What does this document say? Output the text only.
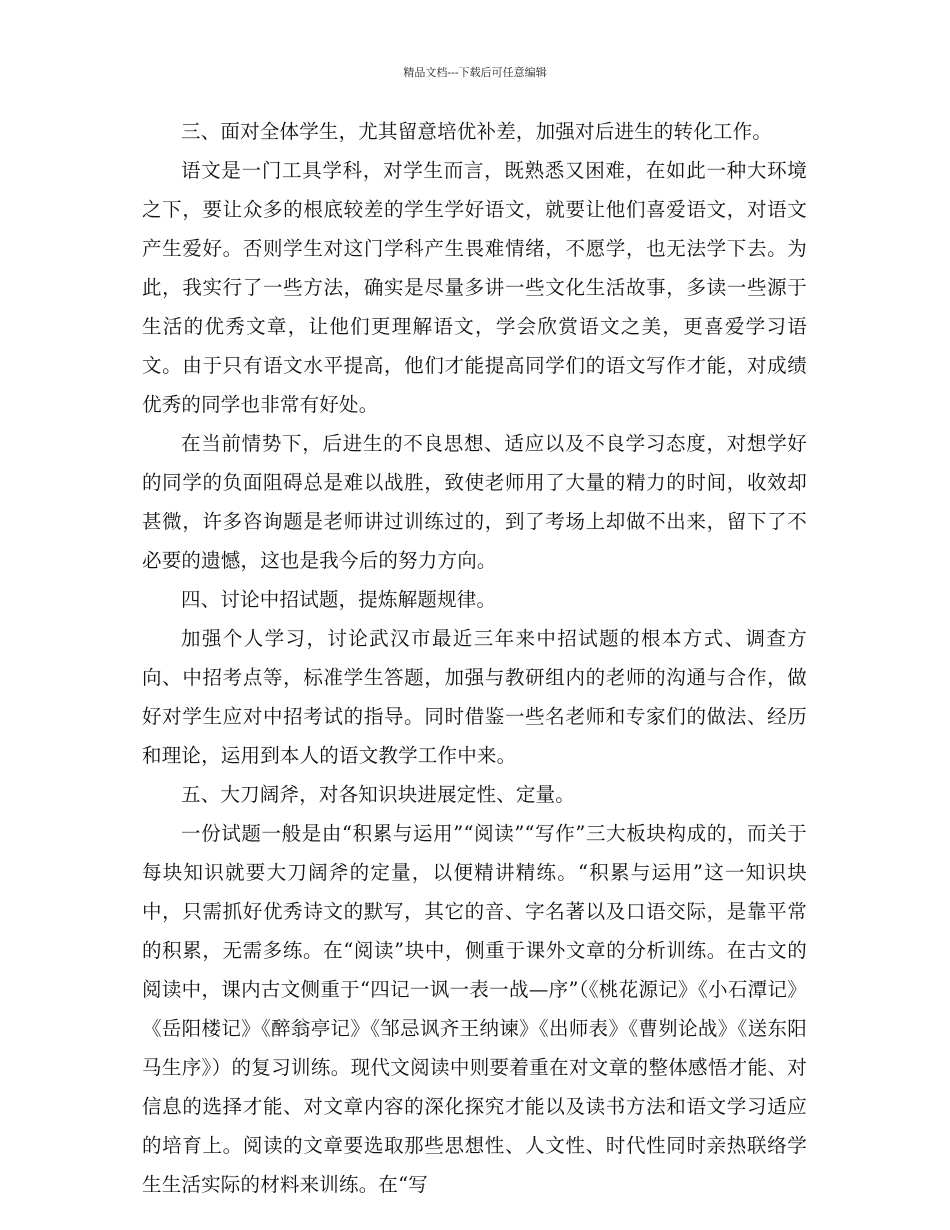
精品文档---下载后可任意编辑

三、面对全体学生，尤其留意培优补差，加强对后进生的转化工作。

语文是一门工具学科，对学生而言，既熟悉又困难，在如此一种大环境之下，要让众多的根底较差的学生学好语文，就要让他们喜爱语文，对语文产生爱好。否则学生对这门学科产生畏难情绪，不愿学，也无法学下去。为此，我实行了一些方法，确实是尽量多讲一些文化生活故事，多读一些源于生活的优秀文章，让他们更理解语文，学会欣赏语文之美，更喜爱学习语文。由于只有语文水平提高，他们才能提高同学们的语文写作才能，对成绩优秀的同学也非常有好处。

在当前情势下，后进生的不良思想、适应以及不良学习态度，对想学好的同学的负面阻碍总是难以战胜，致使老师用了大量的精力的时间，收效却甚微，许多咨询题是老师讲过训练过的，到了考场上却做不出来，留下了不必要的遗憾，这也是我今后的努力方向。

四、讨论中招试题，提炼解题规律。

加强个人学习，讨论武汉市最近三年来中招试题的根本方式、调查方向、中招考点等，标准学生答题，加强与教研组内的老师的沟通与合作，做好对学生应对中招考试的指导。同时借鉴一些名老师和专家们的做法、经历和理论，运用到本人的语文教学工作中来。

五、大刀阔斧，对各知识块进展定性、定量。

一份试题一般是由“积累与运用”“阅读”“写作”三大板块构成的，而关于每块知识就要大刀阔斧的定量，以便精讲精练。“积累与运用”这一知识块中，只需抓好优秀诗文的默写，其它的音、字名著以及口语交际，是靠平常的积累，无需多练。在“阅读”块中，侧重于课外文章的分析训练。在古文的阅读中，课内古文侧重于“四记一讽一表一战—序”（《桃花源记》《小石潭记》《岳阳楼记》《醉翁亭记》《邹忌讽齐王纳谏》《出师表》《曹刿论战》《送东阳马生序》）的复习训练。现代文阅读中则要着重在对文章的整体感悟才能、对信息的选择才能、对文章内容的深化探究才能以及读书方法和语文学习适应的培育上。阅读的文章要选取那些思想性、人文性、时代性同时亲热联络学生生活实际的材料来训练。在“写
